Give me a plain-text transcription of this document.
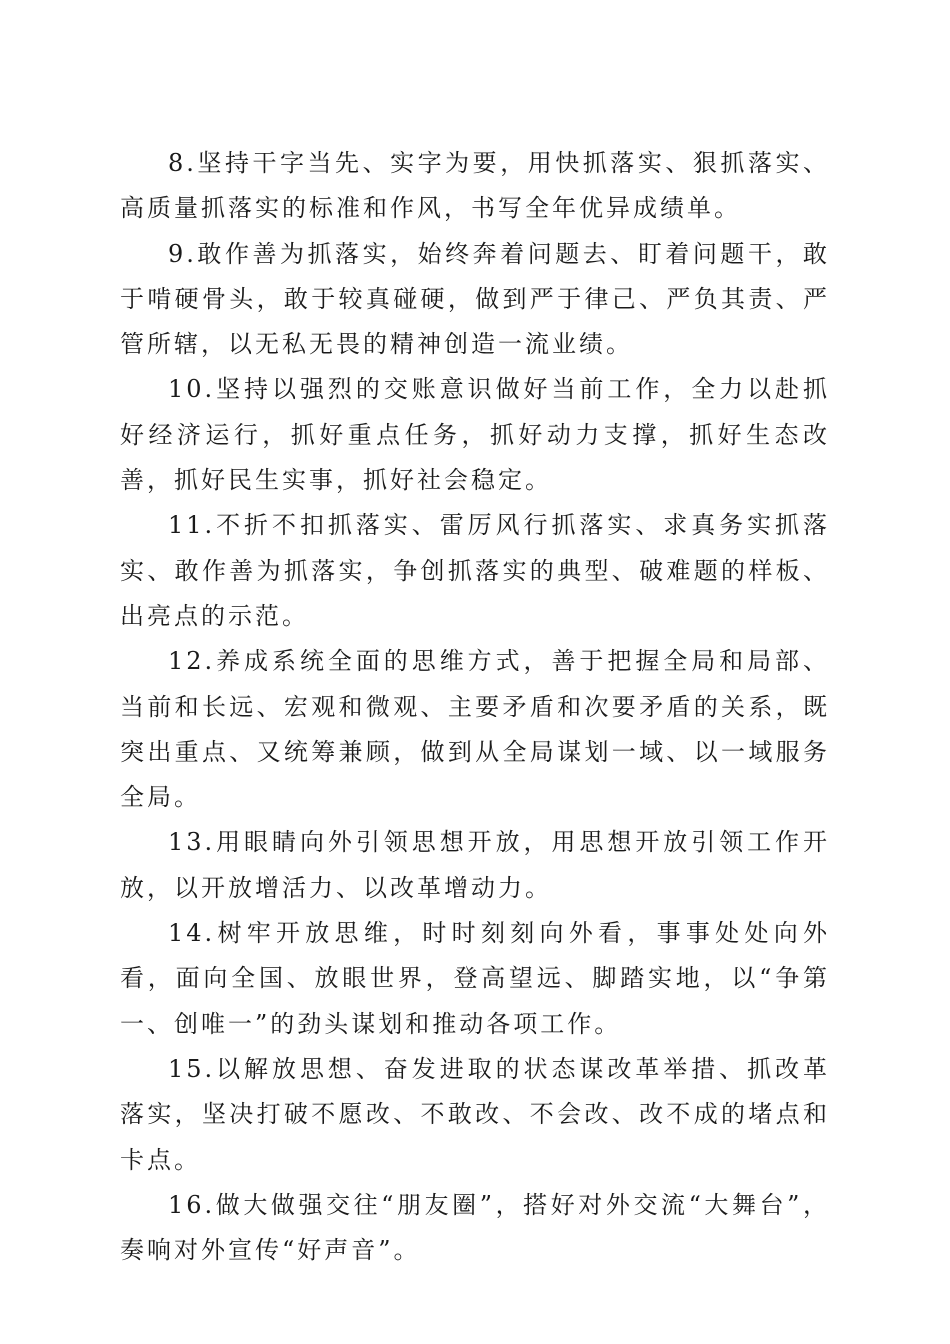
8.坚持干字当先、实字为要，用快抓落实、狠抓落实、高质量抓落实的标准和作风，书写全年优异成绩单。

9.敢作善为抓落实，始终奔着问题去、盯着问题干，敢于啃硬骨头，敢于较真碰硬，做到严于律己、严负其责、严管所辖，以无私无畏的精神创造一流业绩。

10.坚持以强烈的交账意识做好当前工作，全力以赴抓好经济运行，抓好重点任务，抓好动力支撑，抓好生态改善，抓好民生实事，抓好社会稳定。

11.不折不扣抓落实、雷厉风行抓落实、求真务实抓落实、敢作善为抓落实，争创抓落实的典型、破难题的样板、出亮点的示范。

12.养成系统全面的思维方式，善于把握全局和局部、当前和长远、宏观和微观、主要矛盾和次要矛盾的关系，既突出重点、又统筹兼顾，做到从全局谋划一域、以一域服务全局。

13.用眼睛向外引领思想开放，用思想开放引领工作开放，以开放增活力、以改革增动力。

14.树牢开放思维，时时刻刻向外看，事事处处向外看，面向全国、放眼世界，登高望远、脚踏实地，以“争第一、创唯一”的劲头谋划和推动各项工作。

15.以解放思想、奋发进取的状态谋改革举措、抓改革落实，坚决打破不愿改、不敢改、不会改、改不成的堵点和卡点。

16.做大做强交往“朋友圈”，搭好对外交流“大舞台”，奏响对外宣传“好声音”。
